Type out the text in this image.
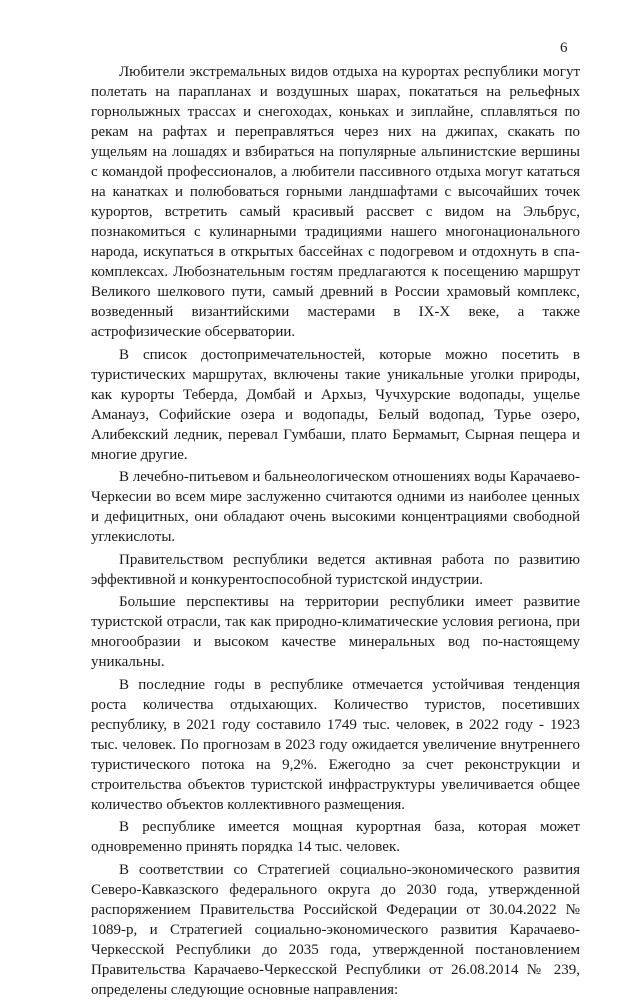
6

Любители экстремальных видов отдыха на курортах республики могут полетать на парапланах и воздушных шарах, покататься на рельефных горнолыжных трассах и снегоходах, коньках и зиплайне, сплавляться по рекам на рафтах и переправляться через них на джипах, скакать по ущельям на лошадях и взбираться на популярные альпинистские вершины с командой профессионалов, а любители пассивного отдыха могут кататься на канатках и полюбоваться горными ландшафтами с высочайших точек курортов, встретить самый красивый рассвет с видом на Эльбрус, познакомиться с кулинарными традициями нашего многонационального народа, искупаться в открытых бассейнах с подогревом и отдохнуть в спа-комплексах. Любознательным гостям предлагаются к посещению маршрут Великого шелкового пути, самый древний в России храмовый комплекс, возведенный византийскими мастерами в IX-X веке, а также астрофизические обсерватории.

В список достопримечательностей, которые можно посетить в туристических маршрутах, включены такие уникальные уголки природы, как курорты Теберда, Домбай и Архыз, Чучхурские водопады, ущелье Аманауз, Софийские озера и водопады, Белый водопад, Турье озеро, Алибекский ледник, перевал Гумбаши, плато Бермамыт, Сырная пещера и многие другие.

В лечебно-питьевом и бальнеологическом отношениях воды Карачаево-Черкесии во всем мире заслуженно считаются одними из наиболее ценных и дефицитных, они обладают очень высокими концентрациями свободной углекислоты.

Правительством республики ведется активная работа по развитию эффективной и конкурентоспособной туристской индустрии.

Большие перспективы на территории республики имеет развитие туристской отрасли, так как природно-климатические условия региона, при многообразии и высоком качестве минеральных вод по-настоящему уникальны.

В последние годы в республике отмечается устойчивая тенденция роста количества отдыхающих. Количество туристов, посетивших республику, в 2021 году составило 1749 тыс. человек, в 2022 году - 1923 тыс. человек. По прогнозам в 2023 году ожидается увеличение внутреннего туристического потока на 9,2%. Ежегодно за счет реконструкции и строительства объектов туристской инфраструктуры увеличивается общее количество объектов коллективного размещения.

В республике имеется мощная курортная база, которая может одновременно принять порядка 14 тыс. человек.

В соответствии со Стратегией социально-экономического развития Северо-Кавказского федерального округа до 2030 года, утвержденной распоряжением Правительства Российской Федерации от 30.04.2022 № 1089-р, и Стратегией социально-экономического развития Карачаево-Черкесской Республики до 2035 года, утвержденной постановлением Правительства Карачаево-Черкесской Республики от 26.08.2014 № 239, определены следующие основные направления:
